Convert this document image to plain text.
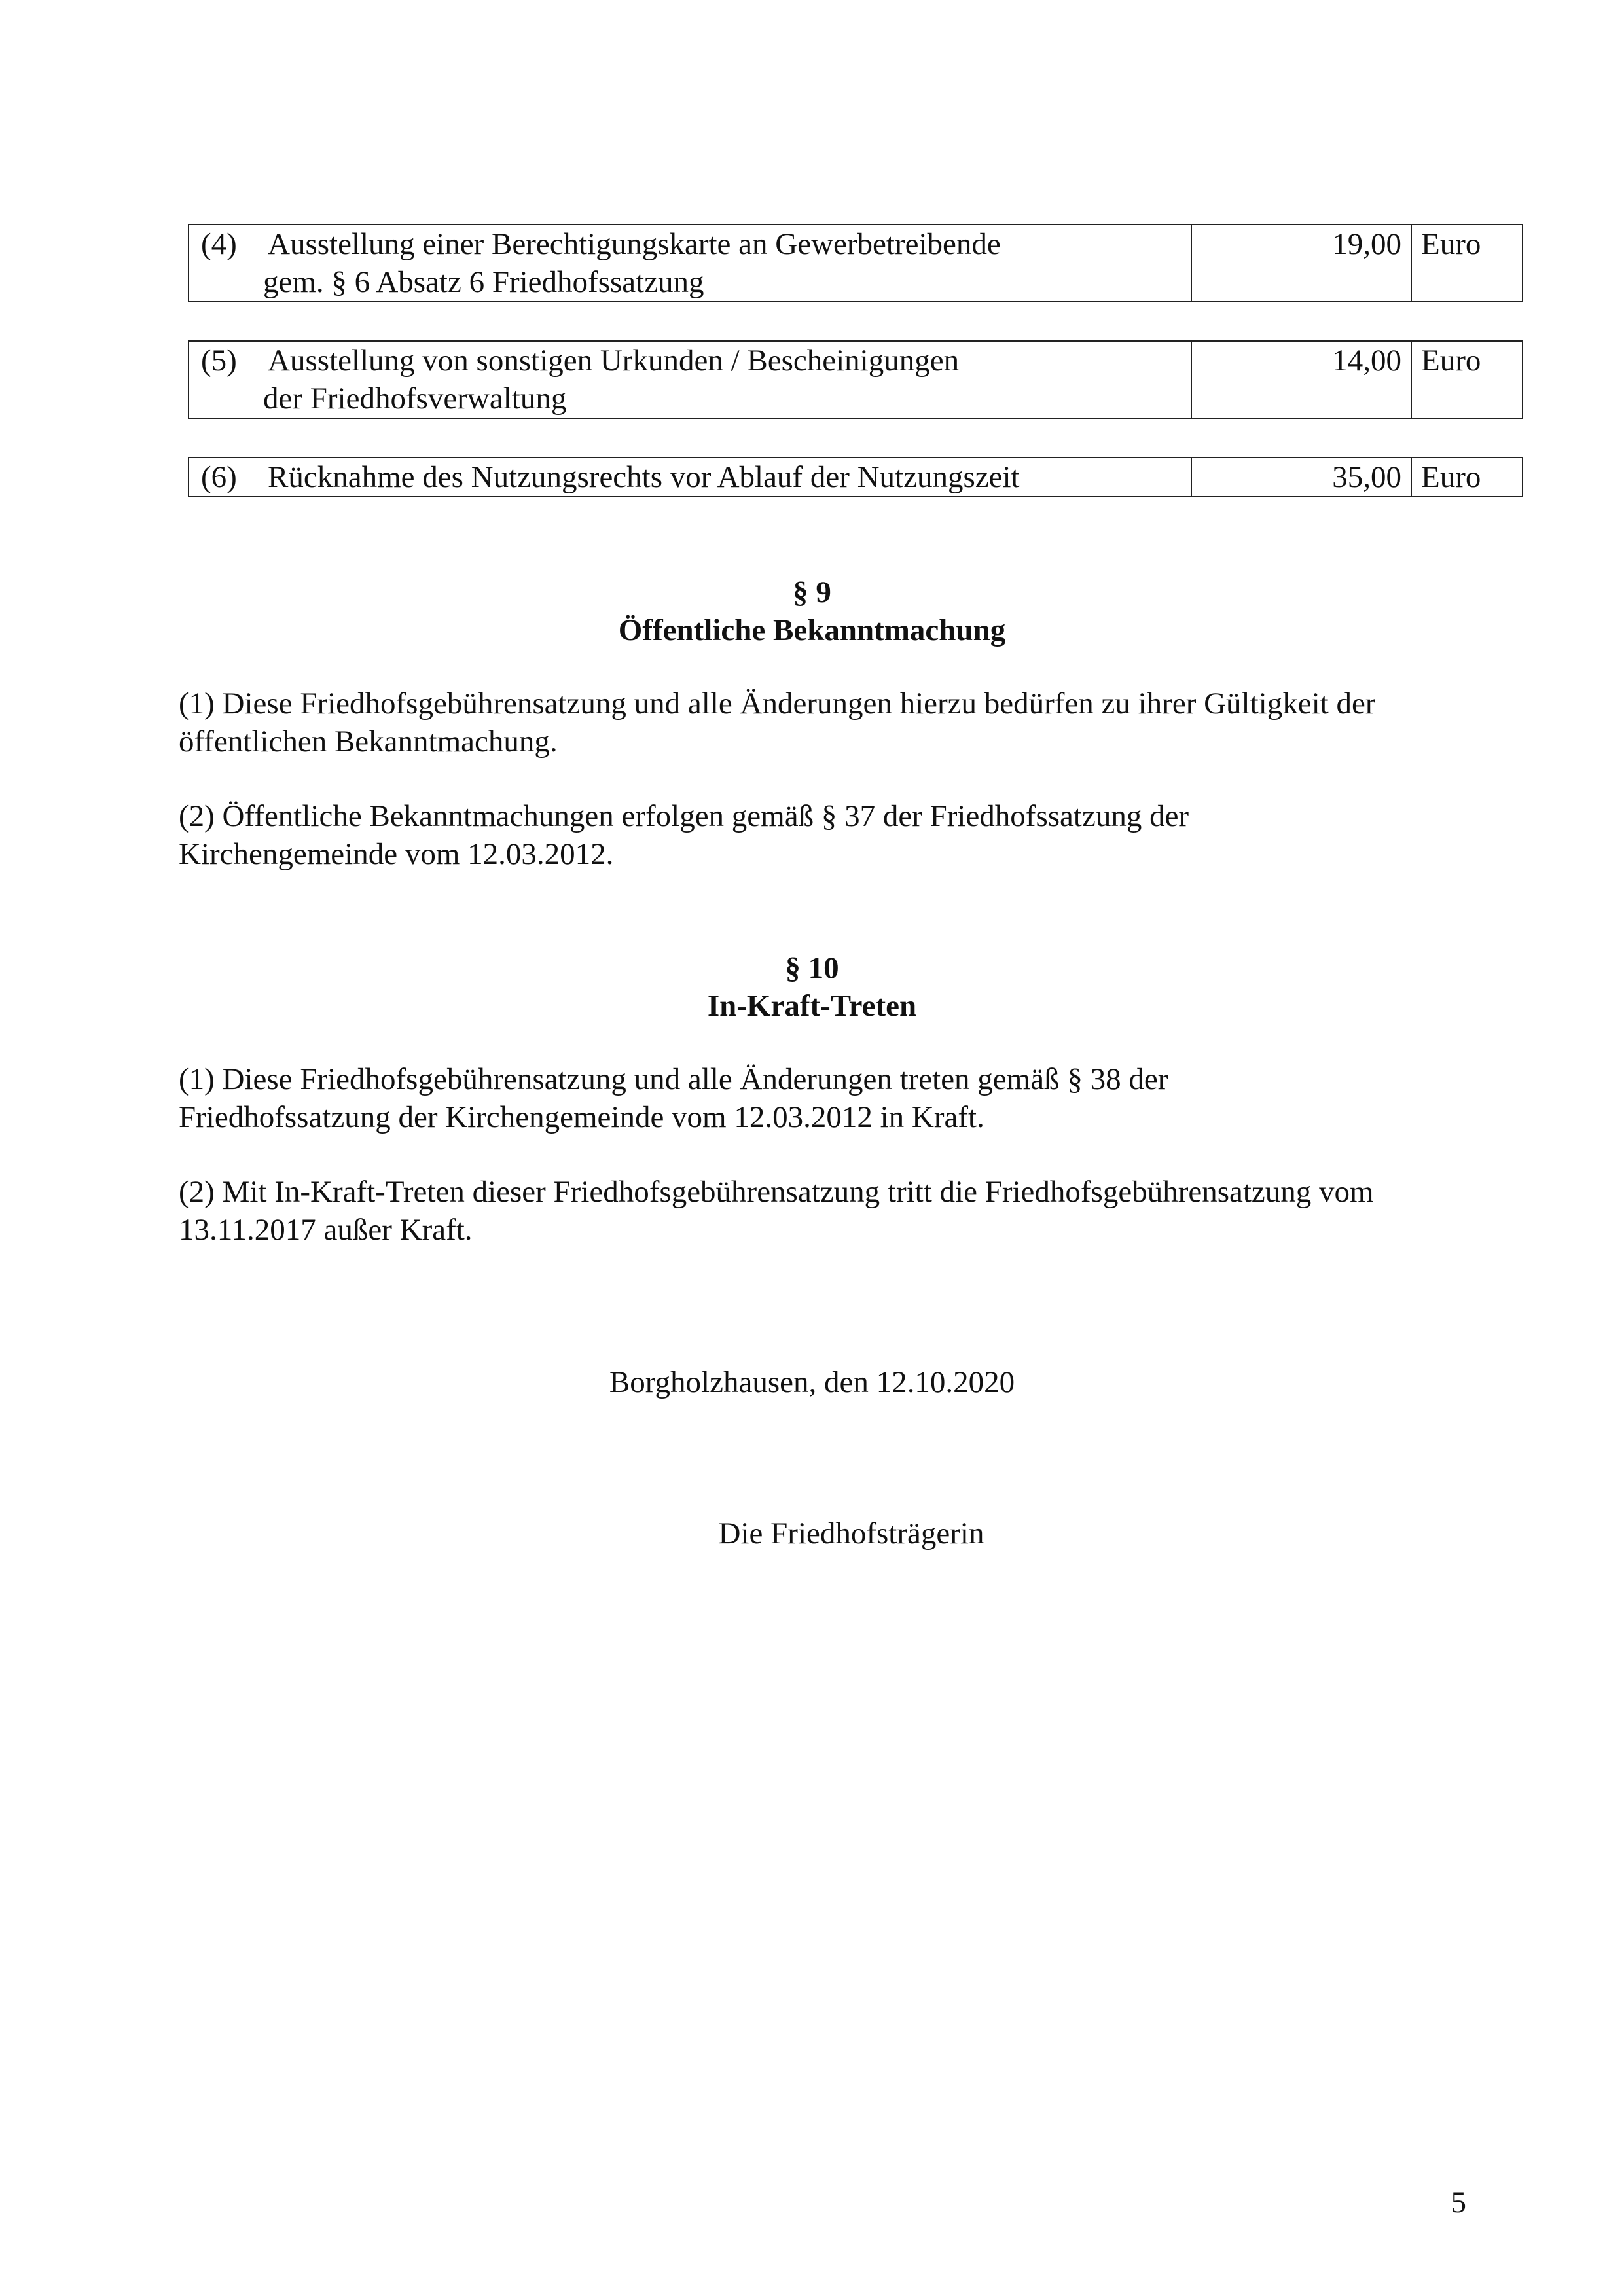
(4) Ausstellung einer Berechtigungskarte an Gewerbetreibende
gem. § 6 Absatz 6 Friedhofssatzung
	19,00	Euro
(5) Ausstellung von sonstigen Urkunden / Bescheinigungen
der Friedhofsverwaltung
	14,00	Euro
(6) Rücknahme des Nutzungsrechts vor Ablauf der Nutzungszeit	35,00	Euro
§ 9
Öffentliche Bekanntmachung
(1) Diese Friedhofsgebührensatzung und alle Änderungen hierzu bedürfen zu ihrer Gültigkeit der
öffentlichen Bekanntmachung.
(2) Öffentliche Bekanntmachungen erfolgen gemäß § 37 der Friedhofssatzung der
Kirchengemeinde vom 12.03.2012.
§ 10
In-Kraft-Treten
(1) Diese Friedhofsgebührensatzung und alle Änderungen treten gemäß § 38 der
Friedhofssatzung der Kirchengemeinde vom 12.03.2012 in Kraft.
(2) Mit In-Kraft-Treten dieser Friedhofsgebührensatzung tritt die Friedhofsgebührensatzung vom
13.11.2017 außer Kraft.
Borgholzhausen, den 12.10.2020
Die Friedhofsträgerin
5
